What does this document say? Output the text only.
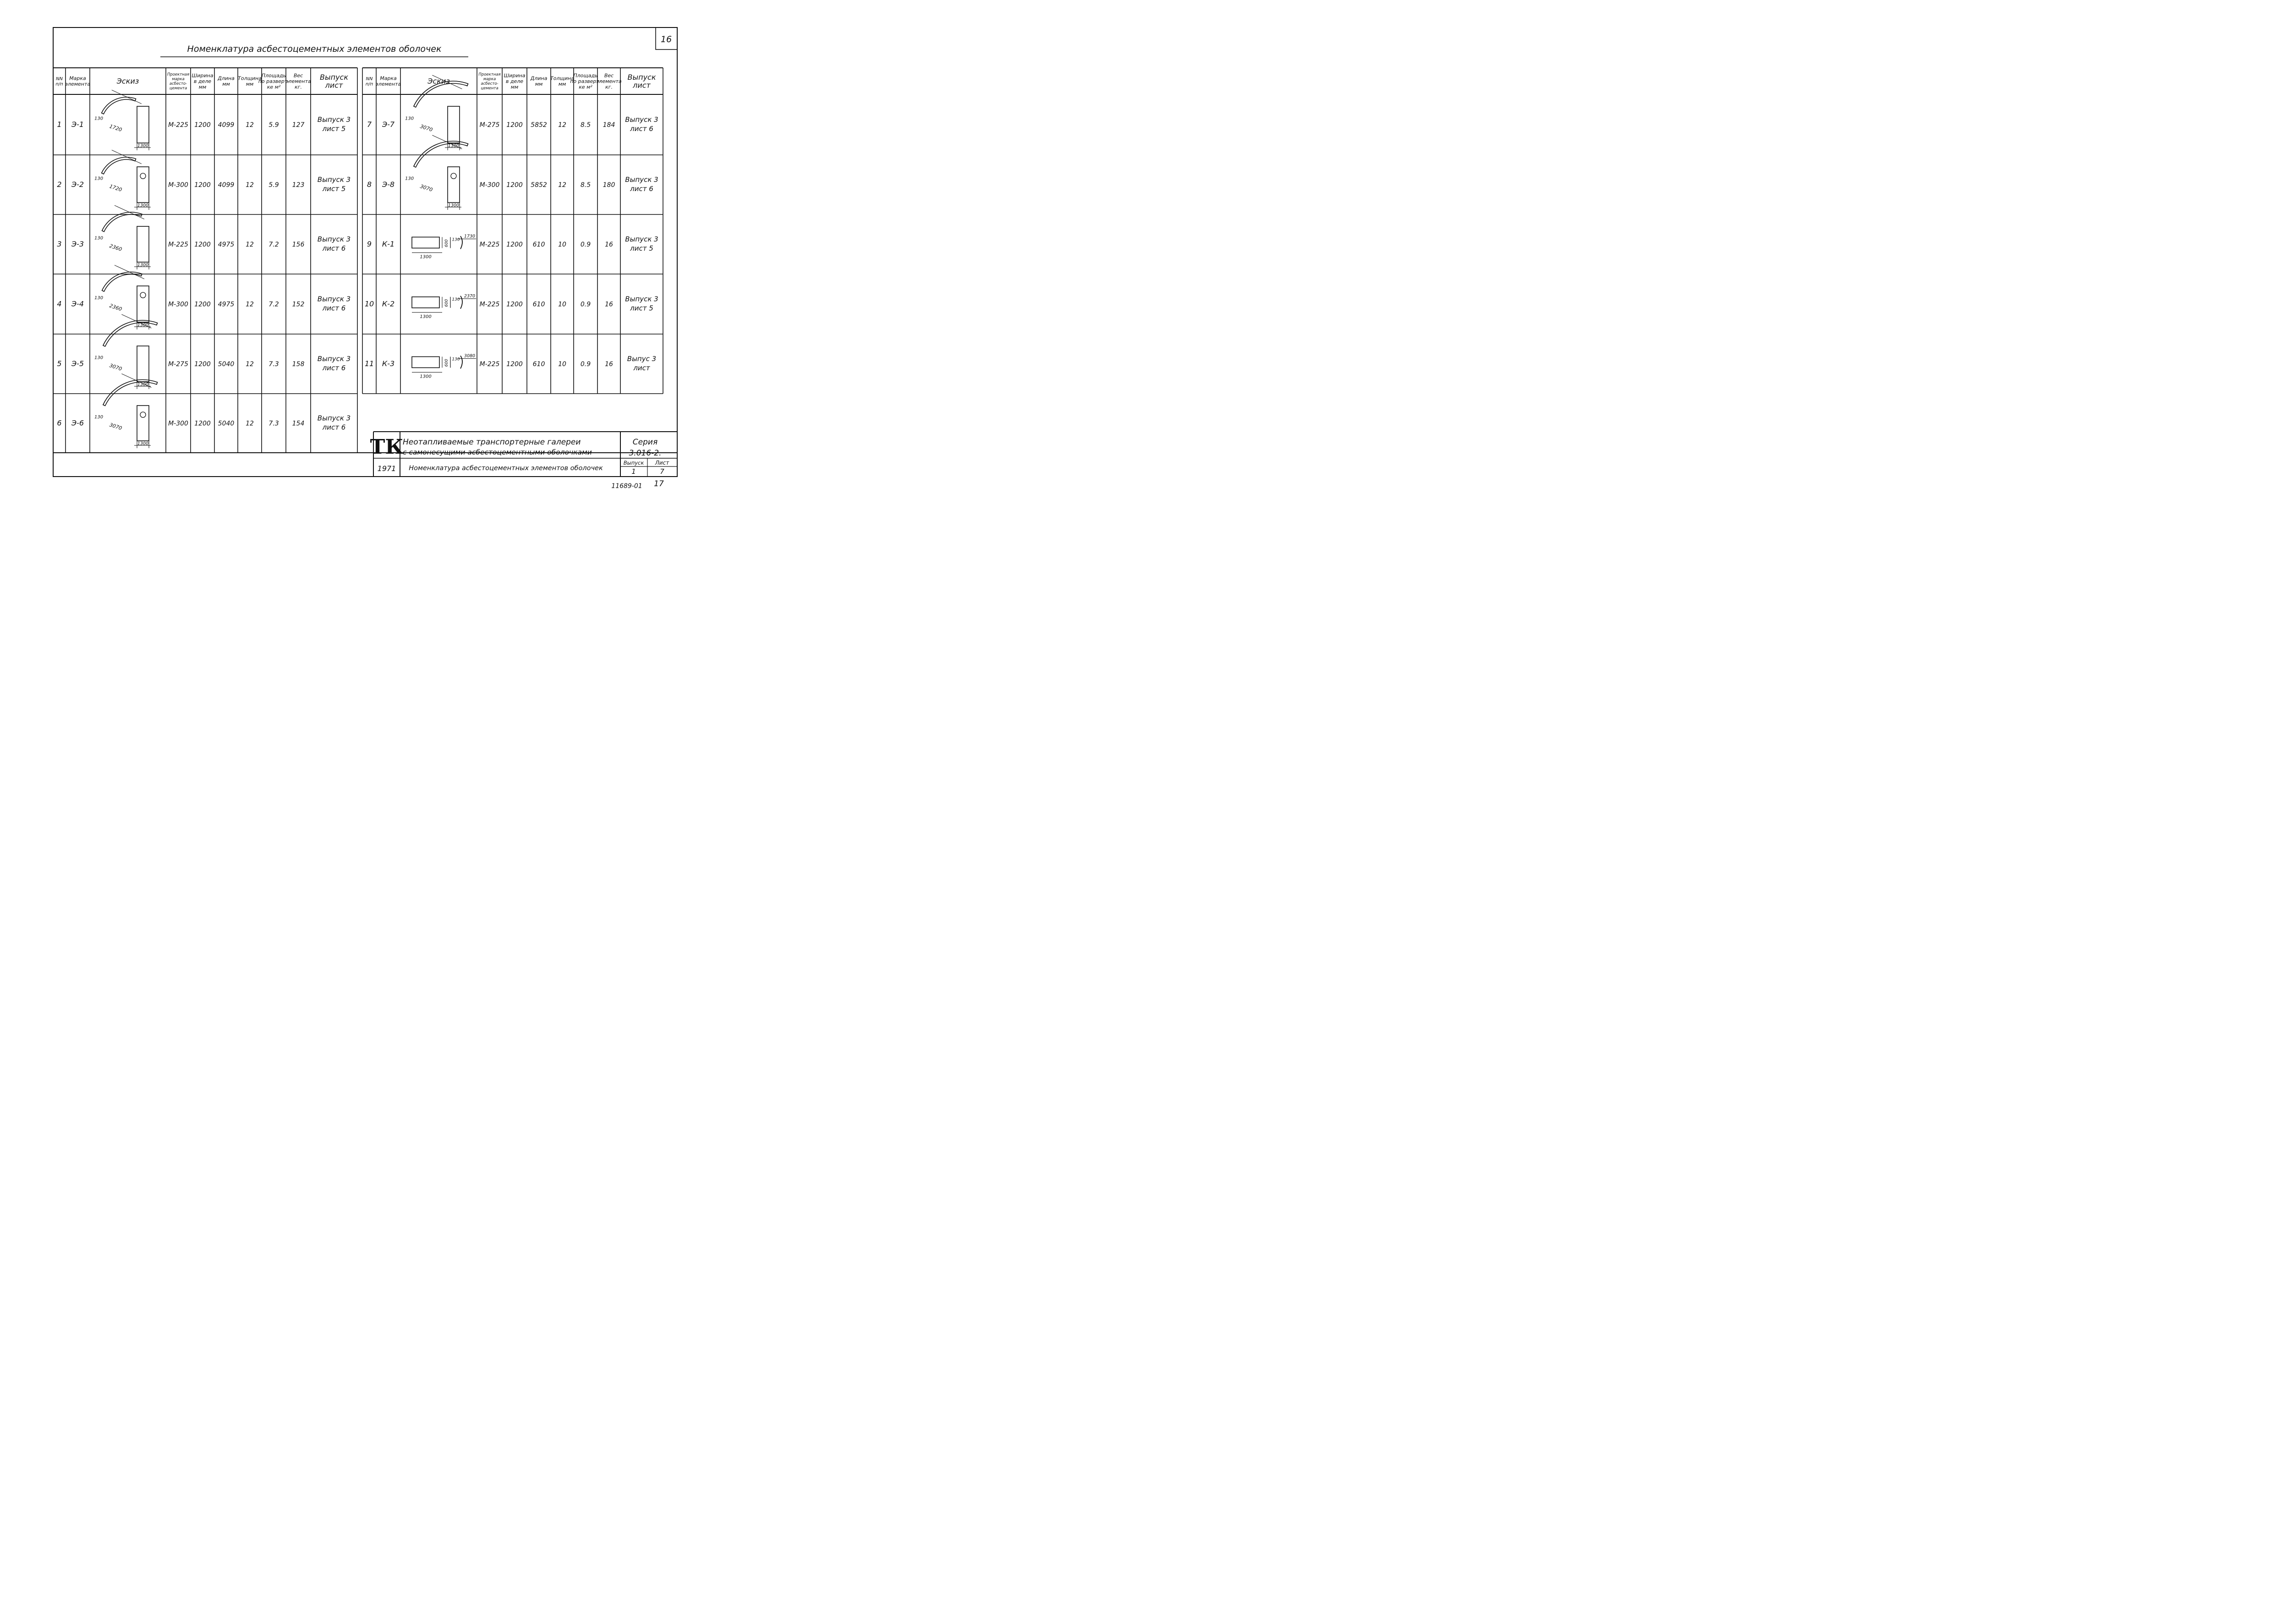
16
Номенклатура асбестоцементных элементов оболочек
NN
п/п
Марка
элемента	Эскиз
Проектная
марка
асбесто-
цемента
Ширина
в деле
мм
Длина
мм
Толщина
мм
Площадь
по разверт-
ке м²
Вес
элемента
кг.
Выпуск
лист
NN
п/п
Марка
элемента	Эскиз
Проектная
марка
асбесто-
цемента
Ширина
в деле
мм
Длина
мм
Толщина
мм
Площадь
по разверт-
ке м²
Вес
элемента
кг.
Выпуск
лист
1 Э-1
130
1720
1300
М-225 1200 4099 12 5.9 127
Выпуск 3
лист 5
2 Э-2
130
1720
1300
М-300 1200 4099 12 5.9 123
Выпуск 3
лист 5
3 Э-3
130
2360
1300
М-225 1200 4975 12 7.2 156
Выпуск 3
лист 6
4 Э-4
130
2360
1300
М-300 1200 4975 12 7.2 152
Выпуск 3
лист 6
5 Э-5
130
3070
1300
М-275 1200 5040 12 7.3 158
Выпуск 3
лист 6
6 Э-6
130
3070
1300
М-300 1200 5040 12 7.3 154
Выпуск 3
лист 6
7 Э-7
130
3070
1300
М-275 1200 5852 12 8.5 184
Выпуск 3
лист 6
8 Э-8
130
3070
1300
М-300 1200 5852 12 8.5 180
Выпуск 3
лист 6
9 К-1
1300
600 130
1730
М-225 1200 610 10 0.9 16
Выпуск 3
лист 5
10 К-2
1300
600 130
2370
М-225 1200 610 10 0.9 16
Выпуск 3
лист 5
11 К-3
1300
600 130
3080
М-225 1200 610 10 0.9 16
Выпус 3
лист
ТК
Неотапливаемые транспортерные галереи
с самонесущими асбестоцементными оболочками
Серия
3.016-2.
1971 Номенклатура асбестоцементных элементов оболочек
Выпуск
1
Лист
7
11689-01 17
